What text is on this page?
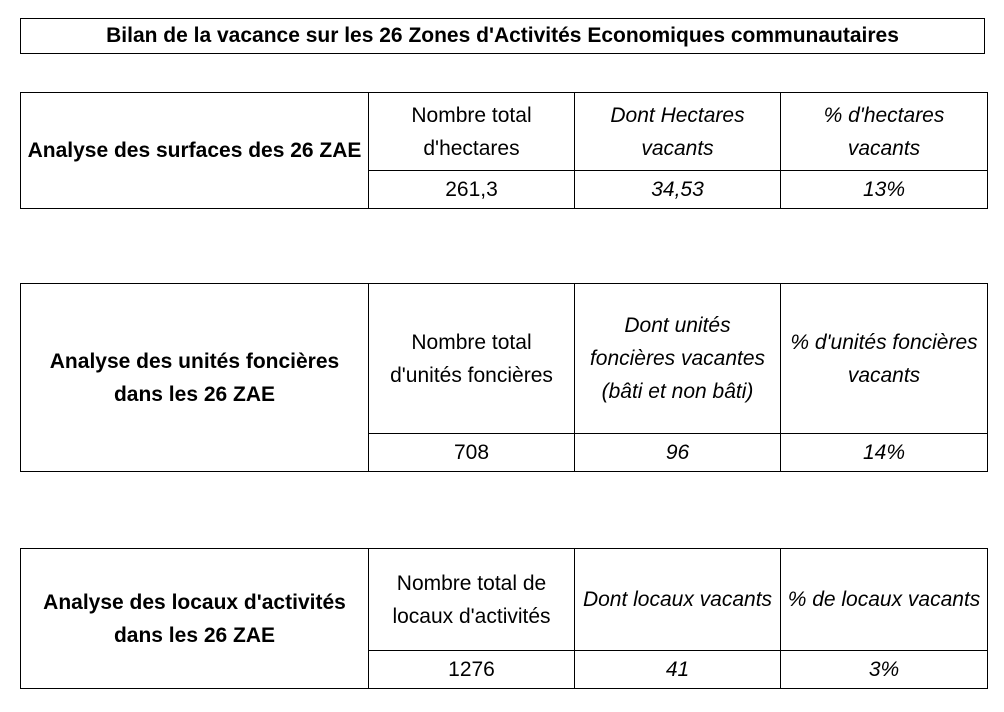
Bilan de la vacance sur les 26 Zones d'Activités Economiques communautaires
Analyse des surfaces des 26 ZAE	Nombre total d'hectares	Dont Hectares vacants	% d'hectares vacants
	261,3	34,53	13%
Analyse des unités foncières dans les 26 ZAE	Nombre total d'unités foncières	Dont unités foncières vacantes (bâti et non bâti)	% d'unités foncières vacants
	708	96	14%
Analyse des locaux d'activités dans les 26 ZAE	Nombre total de locaux d'activités	Dont locaux vacants	% de locaux vacants
	1276	41	3%
